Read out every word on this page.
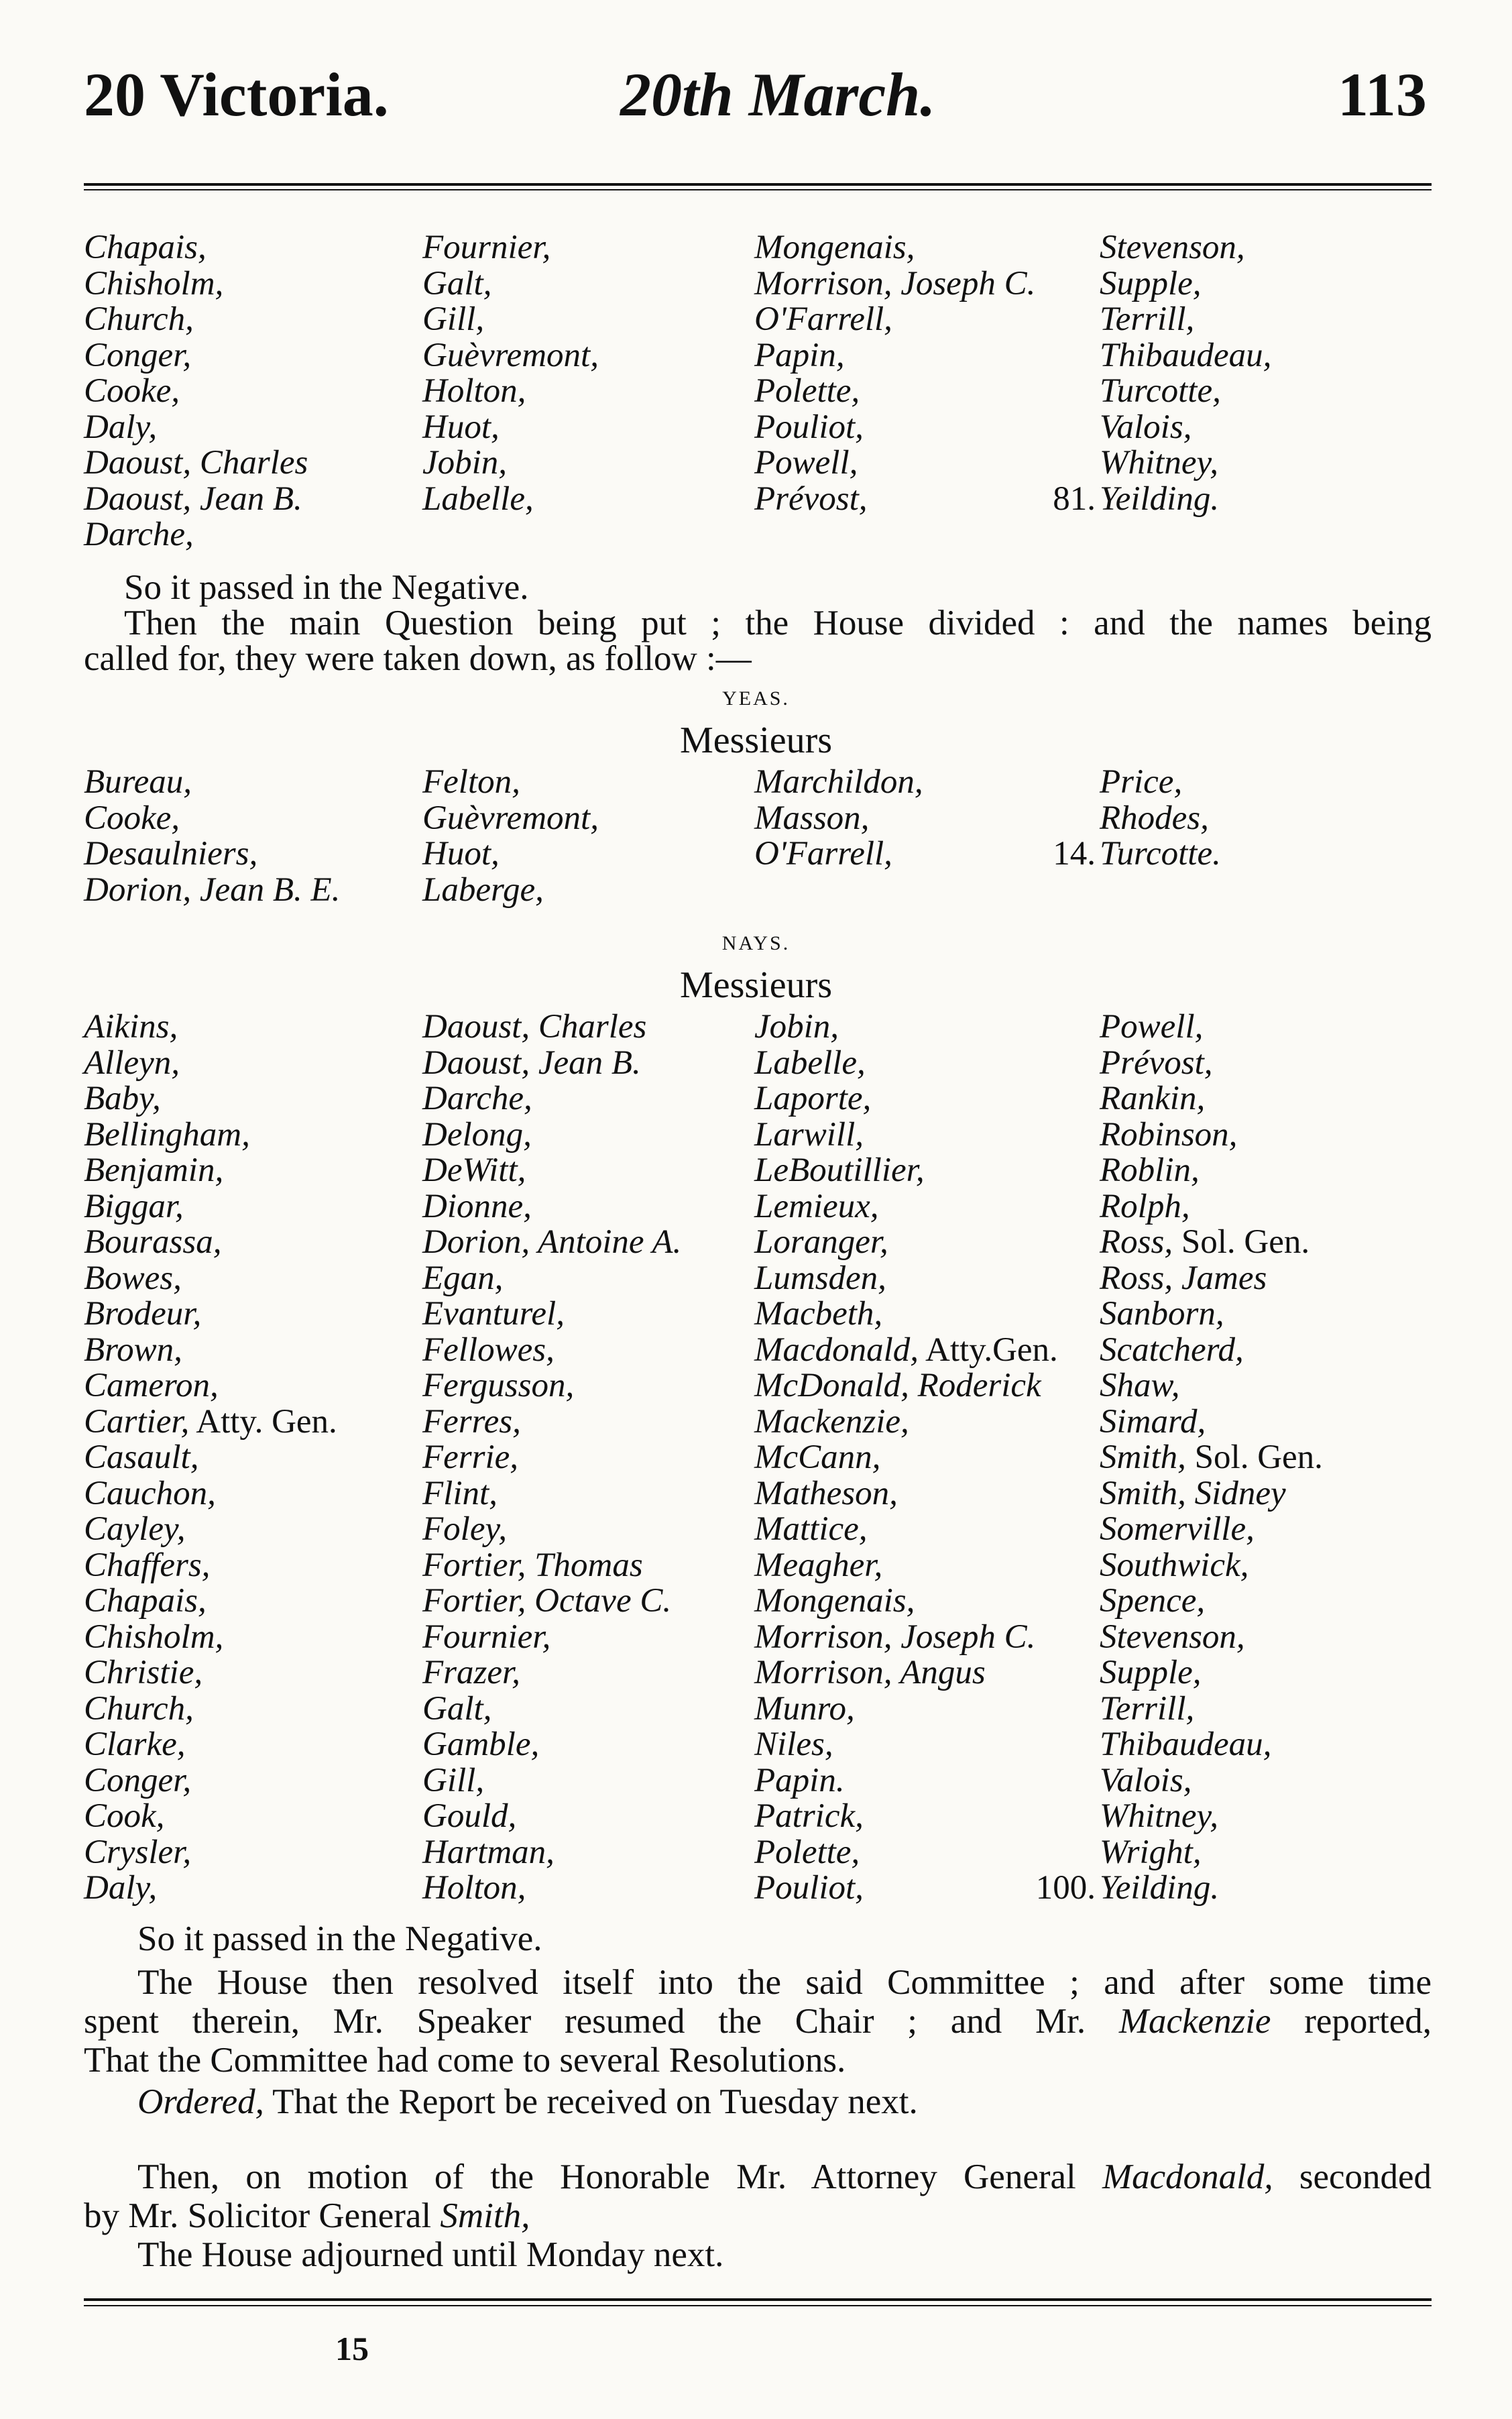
20 Victoria.	20th March.	113
Chapais,
Chisholm,
Church,
Conger,
Cooke,
Daly,
Daoust, Charles
Daoust, Jean B.
Darche,
Fournier,
Galt,
Gill,
Guèvremont,
Holton,
Huot,
Jobin,
Labelle,
Mongenais,
Morrison, Joseph C.
O'Farrell,
Papin,
Polette,
Pouliot,
Powell,
Prévost,
Stevenson,
Supple,
Terrill,
Thibaudeau,
Turcotte,
Valois,
Whitney,
81. Yeilding.
So it passed in the Negative.
Then the main Question being put ; the House divided : and the names being
called for, they were taken down, as follow :—
YEAS.
Messieurs
Bureau,
Cooke,
Desaulniers,
Dorion, Jean B. E.
Felton,
Guèvremont,
Huot,
Laberge,
Marchildon,
Masson,
O'Farrell,
Price,
Rhodes,
14. Turcotte.
NAYS.
Messieurs
Aikins,
Alleyn,
Baby,
Bellingham,
Benjamin,
Biggar,
Bourassa,
Bowes,
Brodeur,
Brown,
Cameron,
Cartier, Atty. Gen.
Casault,
Cauchon,
Cayley,
Chaffers,
Chapais,
Chisholm,
Christie,
Church,
Clarke,
Conger,
Cook,
Crysler,
Daly,
Daoust, Charles
Daoust, Jean B.
Darche,
Delong,
DeWitt,
Dionne,
Dorion, Antoine A.
Egan,
Evanturel,
Fellowes,
Fergusson,
Ferres,
Ferrie,
Flint,
Foley,
Fortier, Thomas
Fortier, Octave C.
Fournier,
Frazer,
Galt,
Gamble,
Gill,
Gould,
Hartman,
Holton,
Jobin,
Labelle,
Laporte,
Larwill,
LeBoutillier,
Lemieux,
Loranger,
Lumsden,
Macbeth,
Macdonald, Atty.Gen.
McDonald, Roderick
Mackenzie,
McCann,
Matheson,
Mattice,
Meagher,
Mongenais,
Morrison, Joseph C.
Morrison, Angus
Munro,
Niles,
Papin.
Patrick,
Polette,
Pouliot,
Powell,
Prévost,
Rankin,
Robinson,
Roblin,
Rolph,
Ross, Sol. Gen.
Ross, James
Sanborn,
Scatcherd,
Shaw,
Simard,
Smith, Sol. Gen.
Smith, Sidney
Somerville,
Southwick,
Spence,
Stevenson,
Supple,
Terrill,
Thibaudeau,
Valois,
Whitney,
Wright,
100. Yeilding.
So it passed in the Negative.
The House then resolved itself into the said Committee ; and after some time
spent therein, Mr. Speaker resumed the Chair ; and Mr. Mackenzie reported,
That the Committee had come to several Resolutions.
Ordered, That the Report be received on Tuesday next.
Then, on motion of the Honorable Mr. Attorney General Macdonald, seconded
by Mr. Solicitor General Smith,
The House adjourned until Monday next.
15
